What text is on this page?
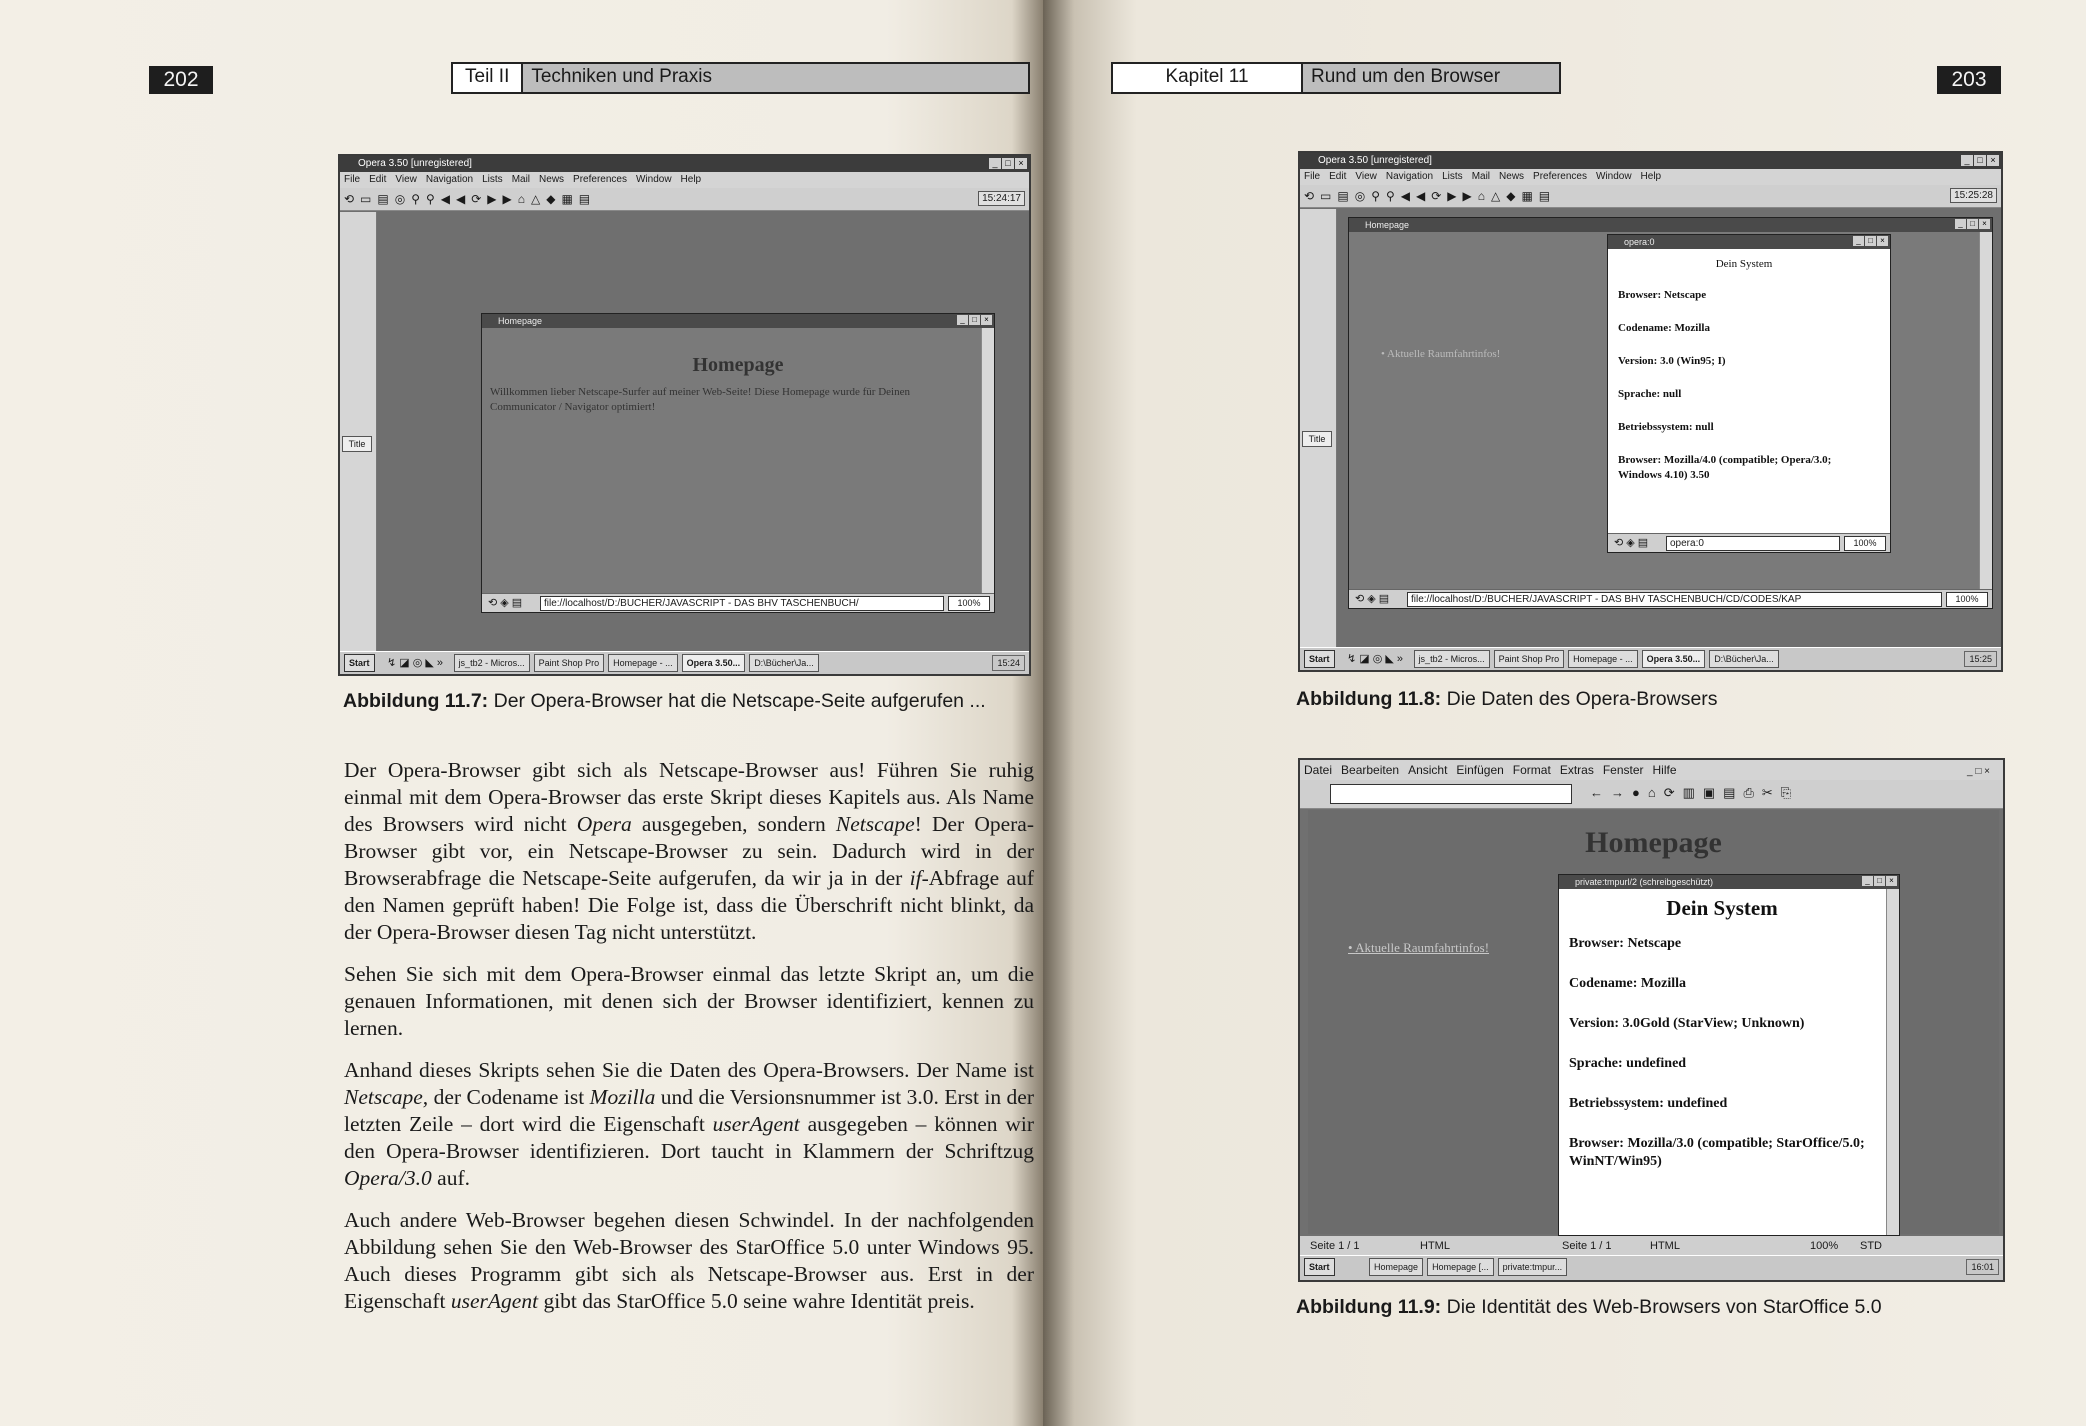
202	Teil II	Techniken und Praxis
Opera 3.50 [unregistered]	_ □ ×
File Edit View Navigation Lists Mail News Preferences Window Help
⟲▭▤◎⚲⚲◀◀⟳▶▶⌂△◆▦▤	15:24:17
Title
Homepage	_ □ ×
Homepage
Willkommen lieber Netscape-Surfer auf meiner Web-Seite! Diese Homepage wurde für Deinen Communicator / Navigator optimiert!
⟲ ◈ ▤	file://localhost/D:/BUCHER/JAVASCRIPT - DAS BHV TASCHENBUCH/	100%
Start ↯ ◪ ◎ ◣ » js_tb2 - Micros... Paint Shop Pro Homepage - ... Opera 3.50... D:\Bücher\Ja...	15:24
Abbildung 11.7: Der Opera-Browser hat die Netscape-Seite aufgerufen ...

Der Opera-Browser gibt sich als Netscape-Browser aus! Führen Sie ruhig einmal mit dem Opera-Browser das erste Skript dieses Kapitels aus. Als Name des Browsers wird nicht Opera ausgegeben, sondern Netscape! Der Opera-Browser gibt vor, ein Netscape-Browser zu sein. Dadurch wird in der Browserabfrage die Netscape-Seite aufgerufen, da wir ja in der if-Abfrage auf den Namen geprüft haben! Die Folge ist, dass die Überschrift nicht blinkt, da der Opera-Browser diesen Tag nicht unterstützt.

Sehen Sie sich mit dem Opera-Browser einmal das letzte Skript an, um die genauen Informationen, mit denen sich der Browser identifiziert, kennen zu lernen.

Anhand dieses Skripts sehen Sie die Daten des Opera-Browsers. Der Name ist Netscape, der Codename ist Mozilla und die Versionsnummer ist 3.0. Erst in der letzten Zeile – dort wird die Eigenschaft userAgent ausgegeben – können wir den Opera-Browser identifizieren. Dort taucht in Klammern der Schriftzug Opera/3.0 auf.

Auch andere Web-Browser begehen diesen Schwindel. In der nachfolgenden Abbildung sehen Sie den Web-Browser des StarOffice 5.0 unter Windows 95. Auch dieses Programm gibt sich als Netscape-Browser aus. Erst in der Eigenschaft userAgent gibt das StarOffice 5.0 seine wahre Identität preis.

Kapitel 11	Rund um den Browser	203
Opera 3.50 [unregistered]	_ □ ×
File Edit View Navigation Lists Mail News Preferences Window Help
⟲▭▤◎⚲⚲◀◀⟳▶▶⌂△◆▦▤	15:25:28
Title
Homepage	_ □ ×
• Aktuelle Raumfahrtinfos!
opera:0	_ □ ×
Dein System
Browser: Netscape
Codename: Mozilla
Version: 3.0 (Win95; I)
Sprache: null
Betriebssystem: null
Browser: Mozilla/4.0 (compatible; Opera/3.0; Windows 4.10) 3.50
⟲ ◈ ▤	opera:0	100%
⟲ ◈ ▤	file://localhost/D:/BUCHER/JAVASCRIPT - DAS BHV TASCHENBUCH/CD/CODES/KAP	100%
Start ↯ ◪ ◎ ◣ » js_tb2 - Micros... Paint Shop Pro Homepage - ... Opera 3.50... D:\Bücher\Ja...	15:25
Abbildung 11.8: Die Daten des Opera-Browsers
Datei Bearbeiten Ansicht Einfügen Format Extras Fenster Hilfe	_ □ ×
←→●⌂⟳▥▣▤⎙✂⎘
Homepage
• Aktuelle Raumfahrtinfos!
private:tmpurl/2 (schreibgeschützt)	_ □ ×
Dein System
Browser: Netscape
Codename: Mozilla
Version: 3.0Gold (StarView; Unknown)
Sprache: undefined
Betriebssystem: undefined
Browser: Mozilla/3.0 (compatible; StarOffice/5.0; WinNT/Win95)
Seite 1 / 1	HTML	Seite 1 / 1	HTML	100% STD
Start	Homepage Homepage [... private:tmpur...	16:01
Abbildung 11.9: Die Identität des Web-Browsers von StarOffice 5.0
